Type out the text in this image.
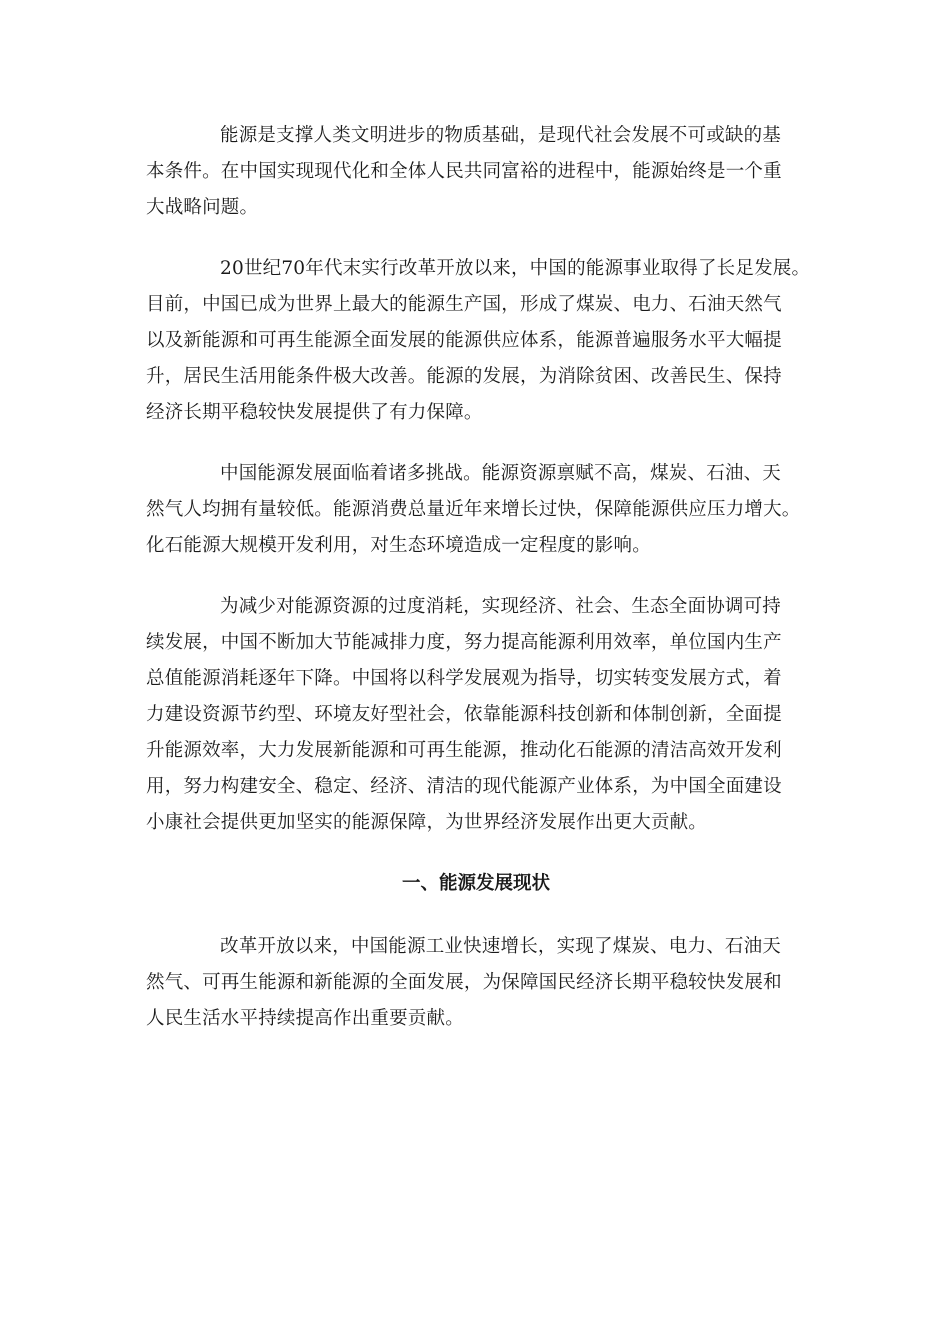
能源是支撑人类文明进步的物质基础，是现代社会发展不可或缺的基
本条件。在中国实现现代化和全体人民共同富裕的进程中，能源始终是一个重
大战略问题。
20世纪70年代末实行改革开放以来，中国的能源事业取得了长足发展。
目前，中国已成为世界上最大的能源生产国，形成了煤炭、电力、石油天然气
以及新能源和可再生能源全面发展的能源供应体系，能源普遍服务水平大幅提
升，居民生活用能条件极大改善。能源的发展，为消除贫困、改善民生、保持
经济长期平稳较快发展提供了有力保障。
中国能源发展面临着诸多挑战。能源资源禀赋不高，煤炭、石油、天
然气人均拥有量较低。能源消费总量近年来增长过快，保障能源供应压力增大。
化石能源大规模开发利用，对生态环境造成一定程度的影响。
为减少对能源资源的过度消耗，实现经济、社会、生态全面协调可持
续发展，中国不断加大节能减排力度，努力提高能源利用效率，单位国内生产
总值能源消耗逐年下降。中国将以科学发展观为指导，切实转变发展方式，着
力建设资源节约型、环境友好型社会，依靠能源科技创新和体制创新，全面提
升能源效率，大力发展新能源和可再生能源，推动化石能源的清洁高效开发利
用，努力构建安全、稳定、经济、清洁的现代能源产业体系，为中国全面建设
小康社会提供更加坚实的能源保障，为世界经济发展作出更大贡献。
一、能源发展现状
改革开放以来，中国能源工业快速增长，实现了煤炭、电力、石油天
然气、可再生能源和新能源的全面发展，为保障国民经济长期平稳较快发展和
人民生活水平持续提高作出重要贡献。
